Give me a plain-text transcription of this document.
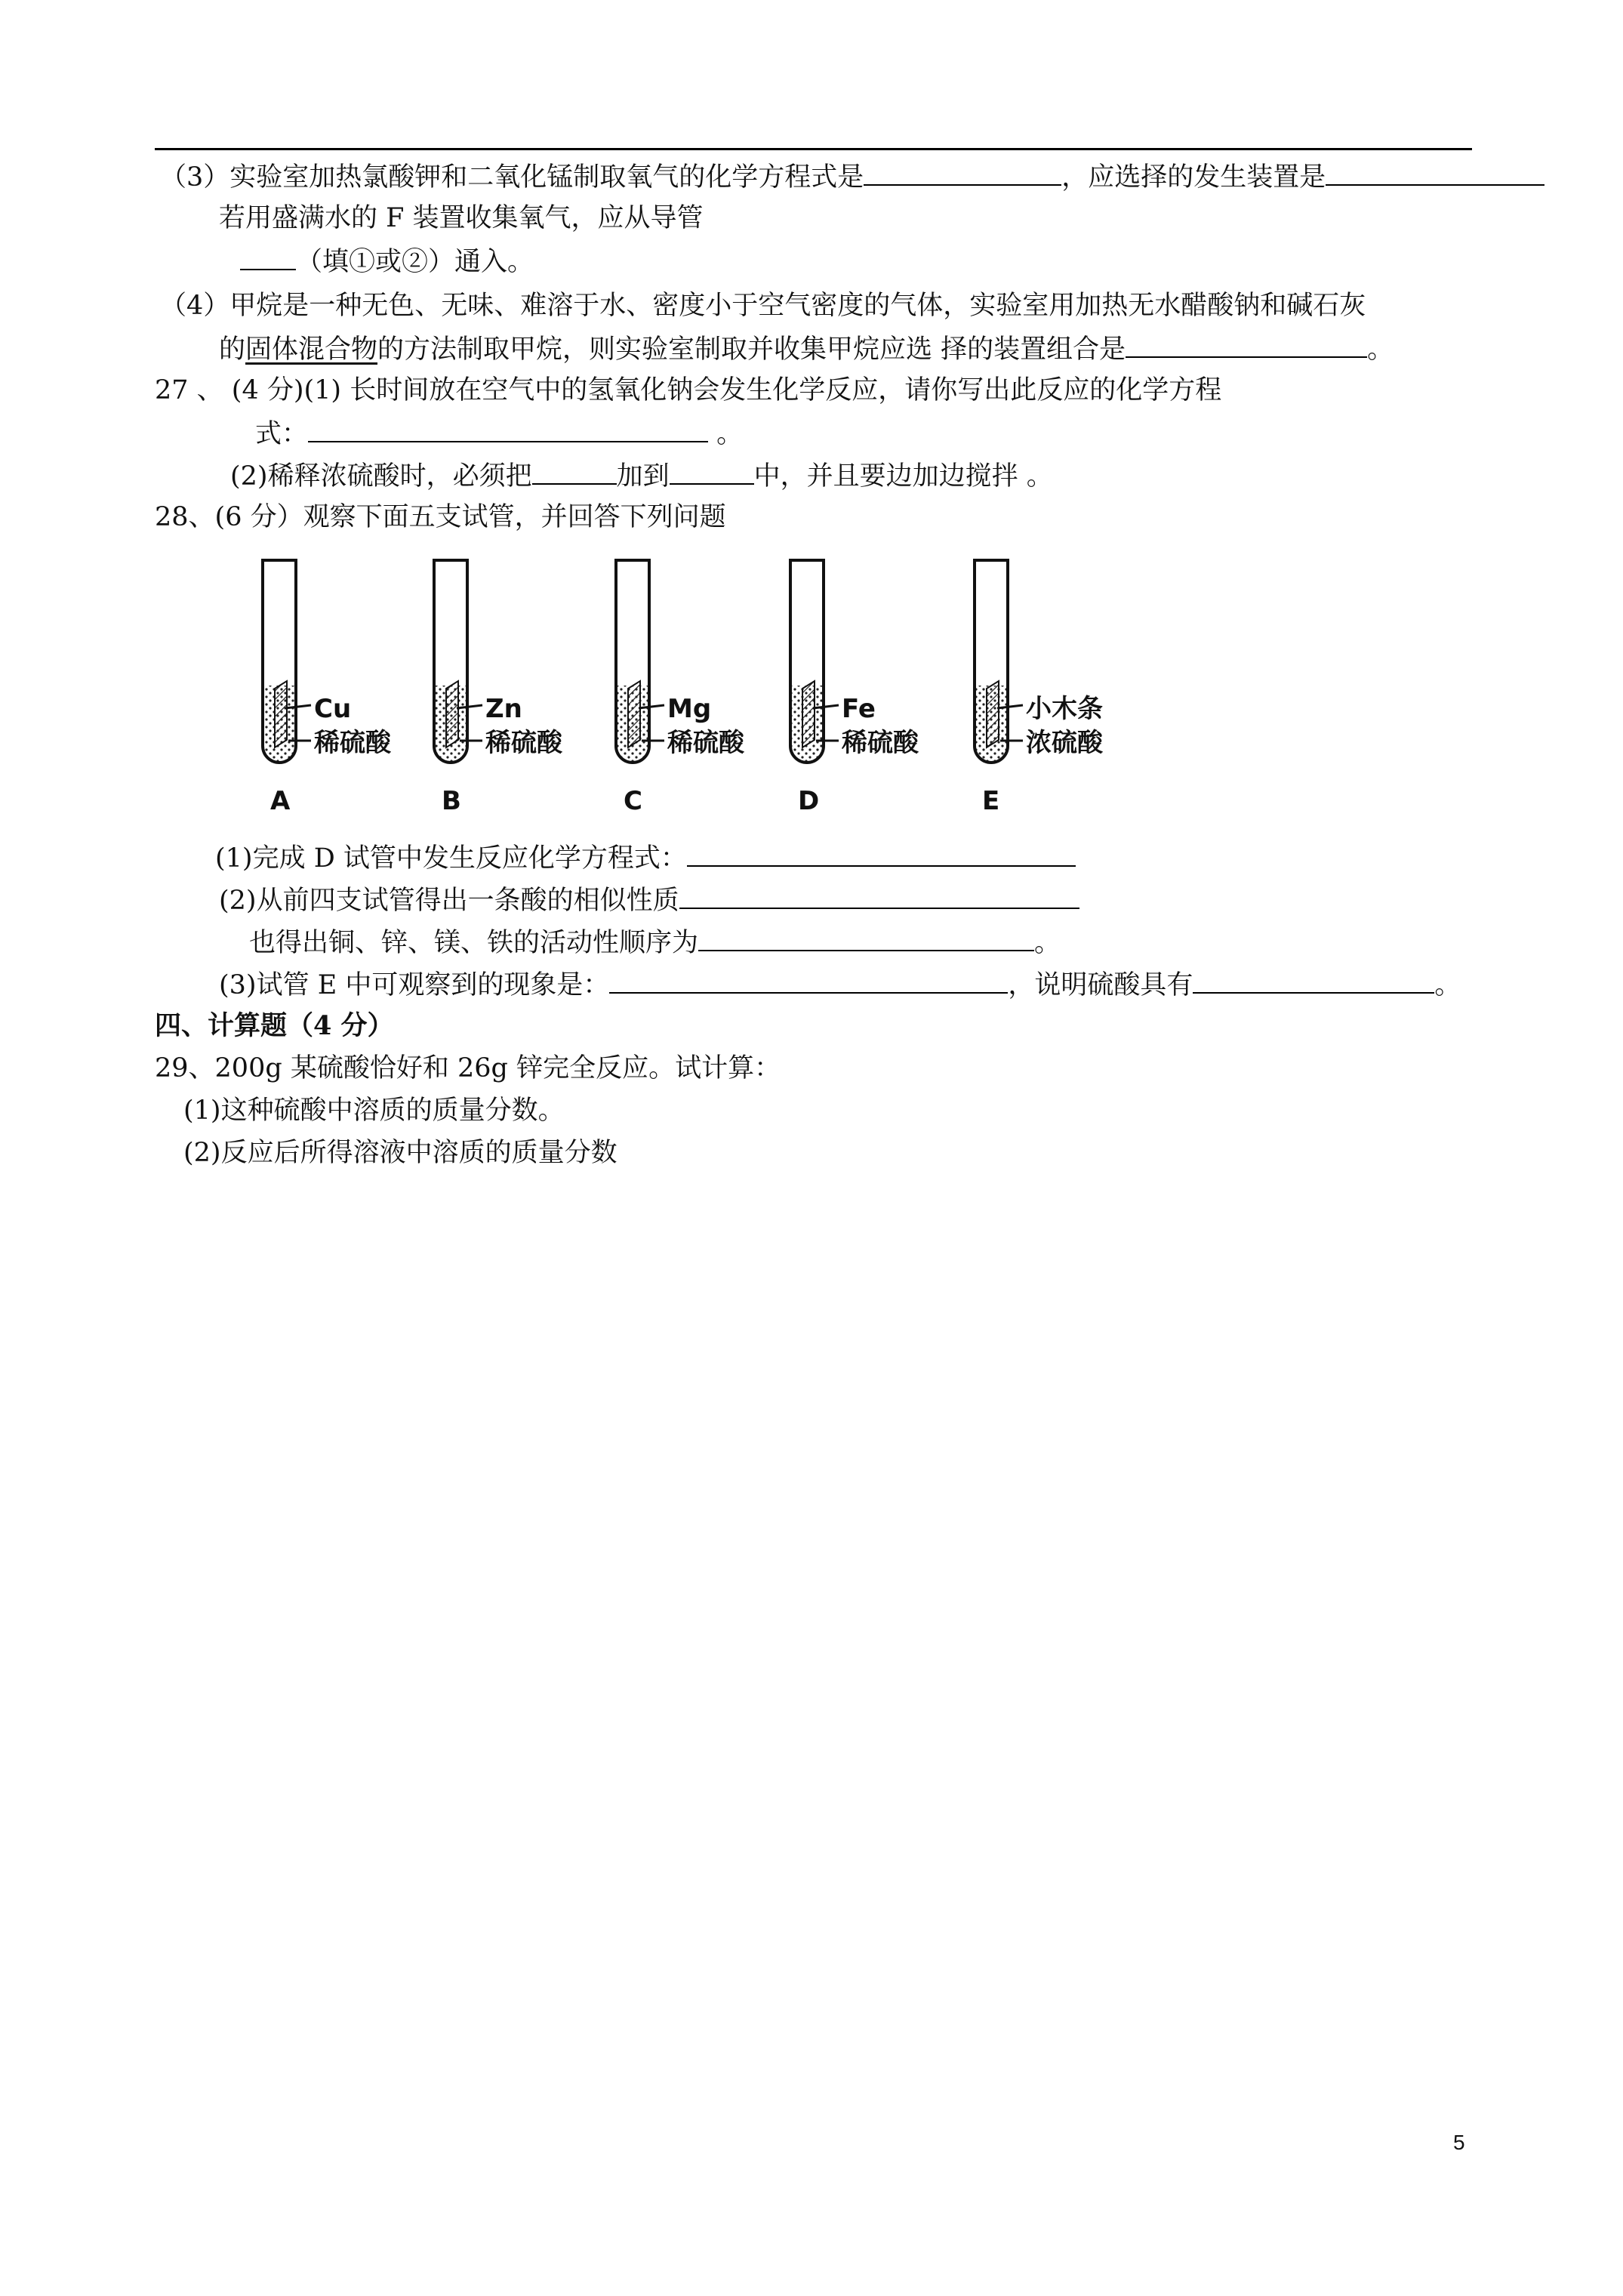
（3）实验室加热氯酸钾和二氧化锰制取氧气的化学方程式是	，应选择的发生装置是
若用盛满水的 F 装置收集氧气，应从导管
（填①或②）通入。
（4）甲烷是一种无色、无味、难溶于水、密度小于空气密度的气体，实验室用加热无水醋酸钠和碱石灰
的固体混合物的方法制取甲烷，则实验室制取并收集甲烷应选 择的装置组合是	。
27 、 (4 分)(1) 长时间放在空气中的氢氧化钠会发生化学反应，请你写出此反应的化学方程
式：	。
(2)稀释浓硫酸时，必须把	加到	中，并且要边加边搅拌 。
28、(6 分）观察下面五支试管，并回答下列问题
Cu
稀硫酸
A
Zn
稀硫酸
B
Mg
稀硫酸
C
Fe
稀硫酸
D
小木条
浓硫酸
E
(1)完成 D 试管中发生反应化学方程式：
(2)从前四支试管得出一条酸的相似性质
也得出铜、锌、镁、铁的活动性顺序为	。
(3)试管 E 中可观察到的现象是：	，说明硫酸具有	。
四、计算题（4 分）
29、200g 某硫酸恰好和 26g 锌完全反应。试计算：
(1)这种硫酸中溶质的质量分数。
(2)反应后所得溶液中溶质的质量分数
5
